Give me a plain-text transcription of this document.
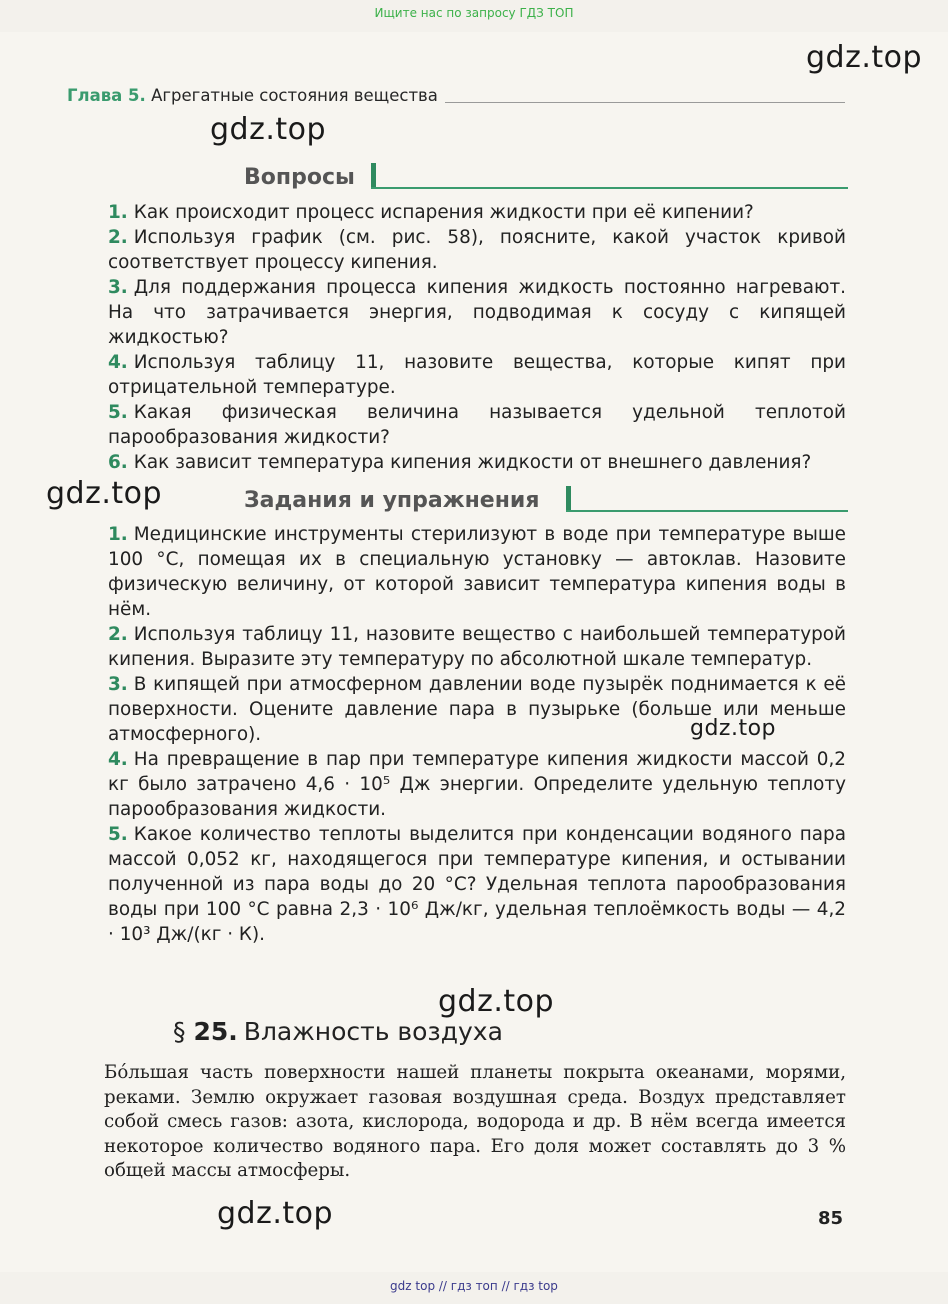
Ищите нас по запросу ГДЗ ТОП
gdz.top
gdz.top
gdz.top
gdz.top
gdz.top
gdz.top
Глава 5. Агрегатные состояния вещества
Вопросы
1. Как происходит процесс испарения жидкости при её кипении?
2. Используя график (см. рис. 58), поясните, какой участок кривой соответствует процессу кипения.
3. Для поддержания процесса кипения жидкость постоянно нагревают. На что затрачивается энергия, подводимая к сосуду с кипящей жидкостью?
4. Используя таблицу 11, назовите вещества, которые кипят при отрицательной температуре.
5. Какая физическая величина называется удельной теплотой парообразования жидкости?
6. Как зависит температура кипения жидкости от внешнего давления?
Задания и упражнения
1. Медицинские инструменты стерилизуют в воде при температуре выше 100 °С, помещая их в специальную установку — автоклав. Назовите физическую величину, от которой зависит температура кипения воды в нём.
2. Используя таблицу 11, назовите вещество с наибольшей температурой кипения. Выразите эту температуру по абсолютной шкале температур.
3. В кипящей при атмосферном давлении воде пузырёк поднимается к её поверхности. Оцените давление пара в пузырьке (больше или меньше атмосферного).
4. На превращение в пар при температуре кипения жидкости массой 0,2 кг было затрачено 4,6 · 10⁵ Дж энергии. Определите удельную теплоту парообразования жидкости.
5. Какое количество теплоты выделится при конденсации водяного пара массой 0,052 кг, находящегося при температуре кипения, и остывании полученной из пара воды до 20 °С? Удельная теплота парообразования воды при 100 °С равна 2,3 · 10⁶ Дж/кг, удельная теплоёмкость воды — 4,2 · 10³ Дж/(кг · К).
§ 25. Влажность воздуха
Бóльшая часть поверхности нашей планеты покрыта океанами, морями, реками. Землю окружает газовая воздушная среда. Воздух представляет собой смесь газов: азота, кислорода, водорода и др. В нём всегда имеется некоторое количество водяного пара. Его доля может составлять до 3 % общей массы атмосферы.
85
gdz top // гдз топ // гдз top
